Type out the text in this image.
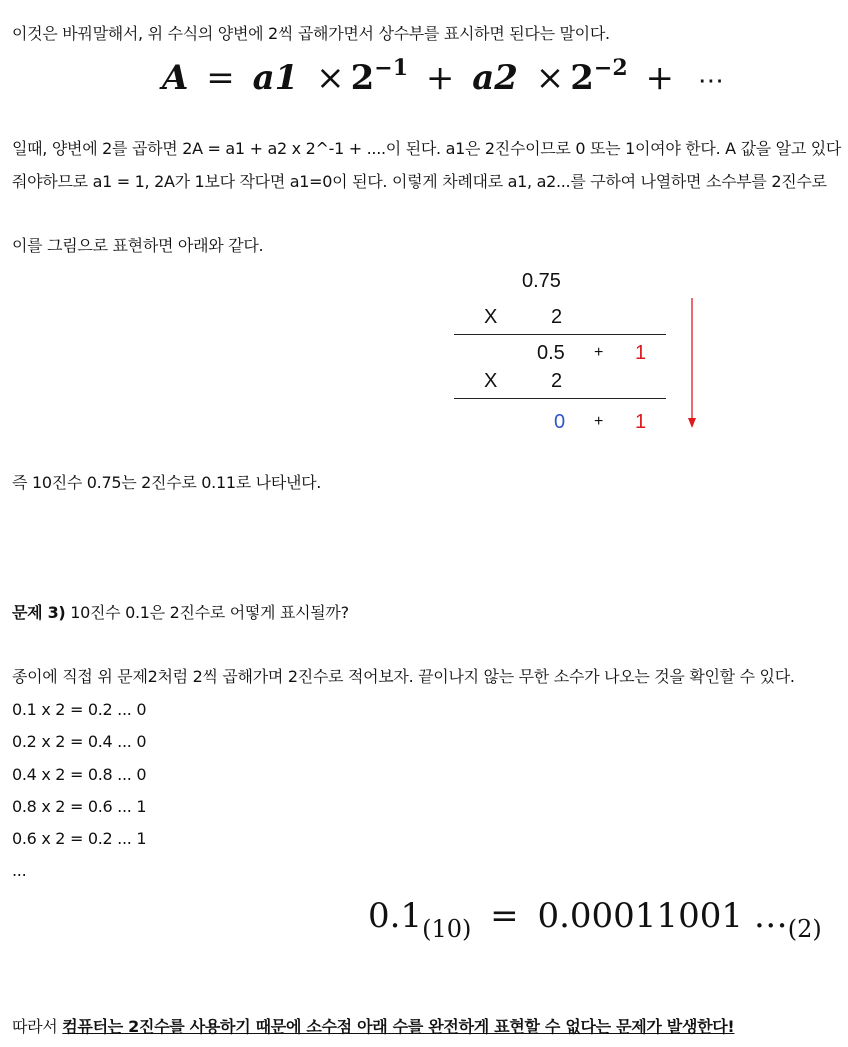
이것은 바꿔말해서, 위 수식의 양변에 2씩 곱해가면서 상수부를 표시하면 된다는 말이다.
$A = a1 \times 2^{-1} + a2 \times 2^{-2}$ + ⋯
일때, 양변에 2를 곱하면 2A = a1 + a2 x 2^-1 + ....이 된다. a1은 2진수이므로 0 또는 1이여야 한다. A 값을 알고 있다
줘야하므로 a1 = 1, 2A가 1보다 작다면 a1=0이 된다. 이렇게 차례대로 a1, a2...를 구하여 나열하면 소수부를 2진수로
이를 그림으로 표현하면 아래와 같다.
0.75
X	2
0.5 + 1
X	2
0 + 1
즉 10진수 0.75는 2진수로 0.11로 나타낸다.
문제 3) 10진수 0.1은 2진수로 어떻게 표시될까?
종이에 직접 위 문제2처럼 2씩 곱해가며 2진수로 적어보자. 끝이나지 않는 무한 소수가 나오는 것을 확인할 수 있다.
0.1 x 2 = 0.2 ... 0
0.2 x 2 = 0.4 ... 0
0.4 x 2 = 0.8 ... 0
0.8 x 2 = 0.6 ... 1
0.6 x 2 = 0.2 ... 1
...
$0.1_{(10)} = 0.00011001$ $\dots_{(2)}$
따라서 컴퓨터는 2진수를 사용하기 때문에 소수점 아래 수를 완전하게 표현할 수 없다는 문제가 발생한다!
